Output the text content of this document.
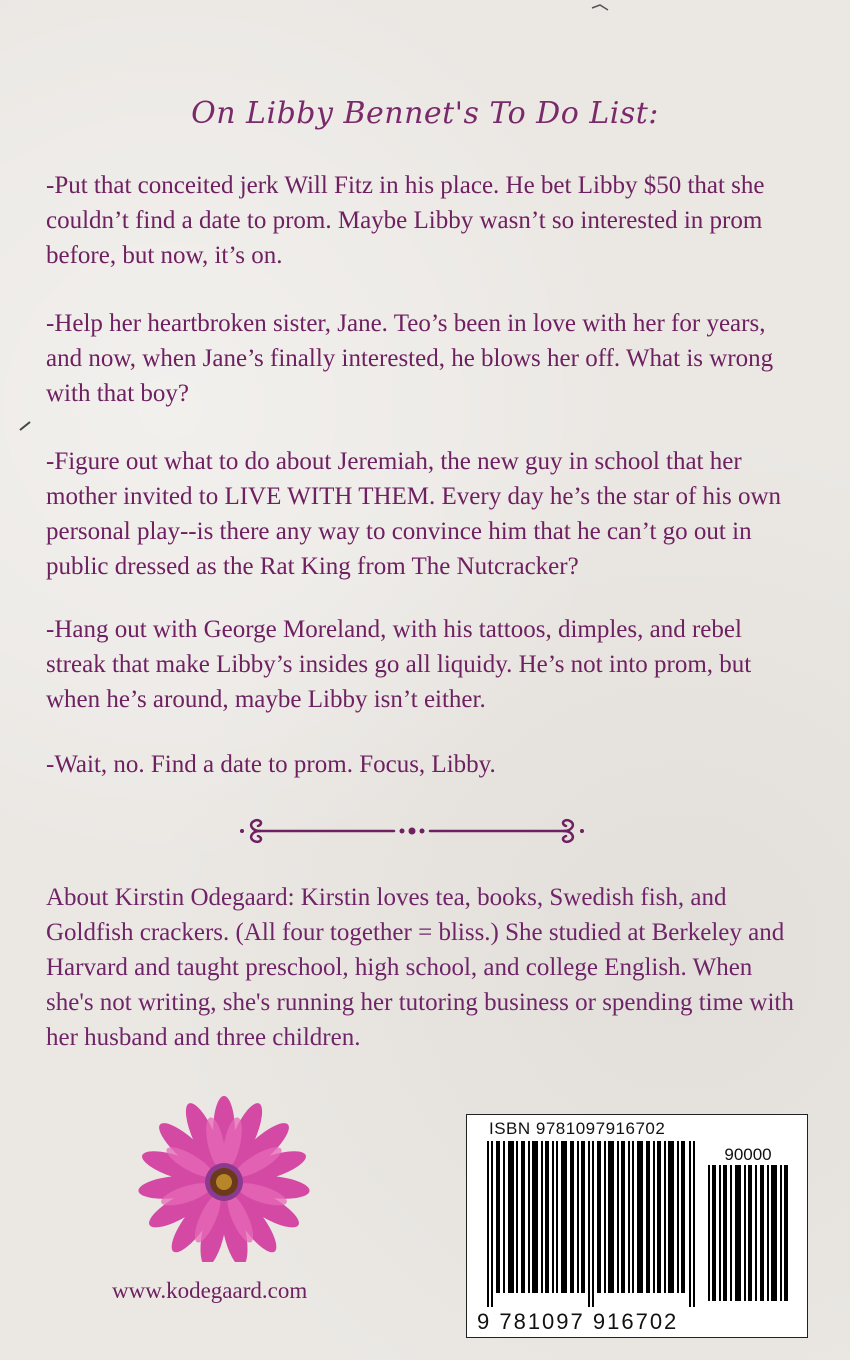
On Libby Bennet's To Do List:
-Put that conceited jerk Will Fitz in his place. He bet Libby $50 that she couldn’t find a date to prom. Maybe Libby wasn’t so interested in prom before, but now, it’s on.
-Help her heartbroken sister, Jane. Teo’s been in love with her for years, and now, when Jane’s finally interested, he blows her off. What is wrong with that boy?
-Figure out what to do about Jeremiah, the new guy in school that her mother invited to LIVE WITH THEM. Every day he’s the star of his own personal play--is there any way to convince him that he can’t go out in public dressed as the Rat King from The Nutcracker?
-Hang out with George Moreland, with his tattoos, dimples, and rebel streak that make Libby’s insides go all liquidy. He’s not into prom, but when he’s around, maybe Libby isn’t either.
-Wait, no. Find a date to prom. Focus, Libby.
About Kirstin Odegaard: Kirstin loves tea, books, Swedish fish, and Goldfish crackers. (All four together = bliss.) She studied at Berkeley and Harvard and taught preschool, high school, and college English. When she's not writing, she's running her tutoring business or spending time with her husband and three children.
www.kodegaard.com
ISBN 9781097916702
90000
9 781097 916702
